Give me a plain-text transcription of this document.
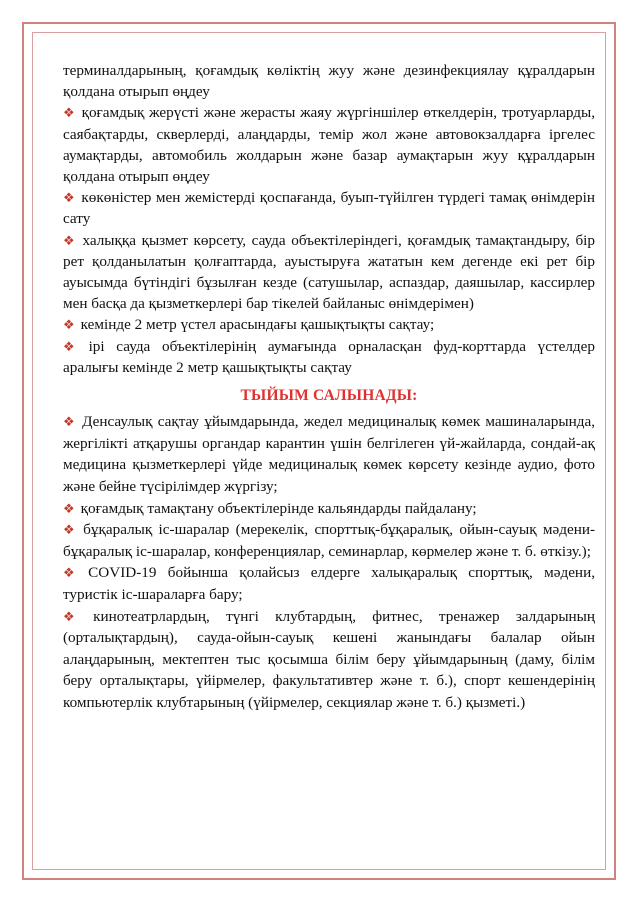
терминалдарының, қоғамдық көліктің жуу және дезинфекциялау құралдарын қолдана отырып өңдеу

❖ қоғамдық жерүсті және жерасты жаяу жүргіншілер өткелдерін, тротуарларды, саябақтарды, скверлерді, алаңдарды, темір жол және автовокзалдарға іргелес аумақтарды, автомобиль жолдарын және базар аумақтарын жуу құралдарын қолдана отырып өңдеу

❖ көкөністер мен жемістерді қоспағанда, буып-түйілген түрдегі тамақ өнімдерін сату

❖ халыққа қызмет көрсету, сауда объектілеріндегі, қоғамдық тамақтандыру, бір рет қолданылатын қолғаптарда, ауыстыруға жататын кем дегенде екі рет бір ауысымда бүтіндігі бұзылған кезде (сатушылар, аспаздар, даяшылар, кассирлер мен басқа да қызметкерлері бар тікелей байланыс өнімдерімен)

❖ кемінде 2 метр үстел арасындағы қашықтықты сақтау;

❖ ірі сауда объектілерінің аумағында орналасқан фуд-корттарда үстелдер аралығы кемінде 2 метр қашықтықты сақтау

ТЫЙЫМ САЛЫНАДЫ:

❖ Денсаулық сақтау ұйымдарында, жедел медициналық көмек машиналарында, жергілікті атқарушы органдар карантин үшін белгілеген үй-жайларда, сондай-ақ медицина қызметкерлері үйде медициналық көмек көрсету кезінде аудио, фото және бейне түсірілімдер жүргізу;

❖ қоғамдық тамақтану объектілерінде кальяндарды пайдалану;

❖ бұқаралық іс-шаралар (мерекелік, спорттық-бұқаралық, ойын-сауық мәдени-бұқаралық іс-шаралар, конференциялар, семинарлар, көрмелер және т. б. өткізу.);

❖ COVID-19 бойынша қолайсыз елдерге халықаралық спорттық, мәдени, туристік іс-шараларға бару;

❖ кинотеатрлардың, түнгі клубтардың, фитнес, тренажер залдарының (орталықтардың), сауда-ойын-сауық кешені жанындағы балалар ойын алаңдарының, мектептен тыс қосымша білім беру ұйымдарының (даму, білім беру орталықтары, үйірмелер, факультативтер және т. б.), спорт кешендерінің компьютерлік клубтарының (үйірмелер, секциялар және т. б.) қызметі.)
